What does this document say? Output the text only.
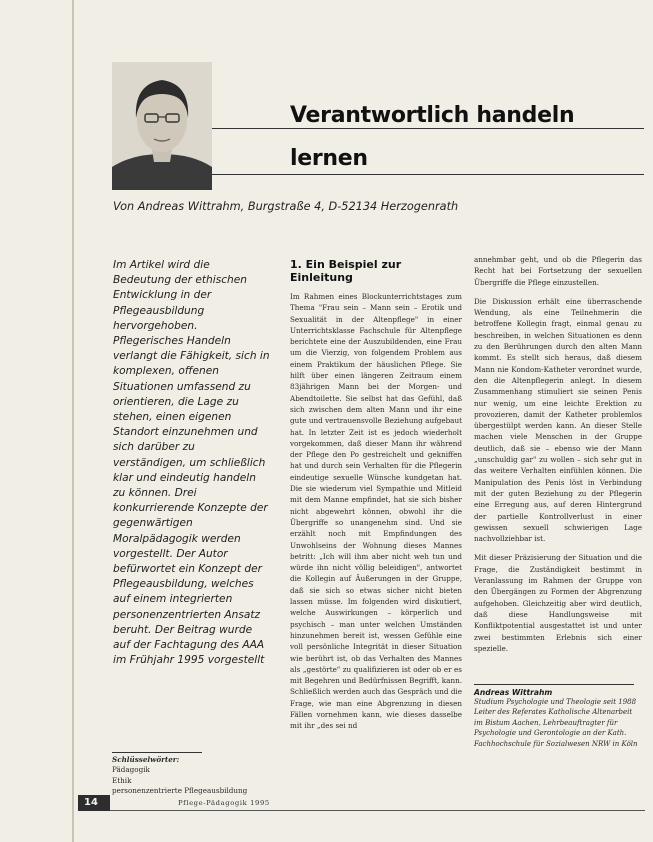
Verantwortlich handeln
lernen
Von Andreas Wittrahm, Burgstraße 4, D-52134 Herzogenrath
Im Artikel wird die Bedeutung der ethischen Entwicklung in der Pflegeausbildung hervorgehoben. Pflegerisches Handeln verlangt die Fähigkeit, sich in komplexen, offenen Situationen umfassend zu orientieren, die Lage zu stehen, einen eigenen Standort einzunehmen und sich darüber zu verständigen, um schließlich klar und eindeutig handeln zu können. Drei konkurrierende Konzepte der gegenwärtigen Moralpädagogik werden vorgestellt. Der Autor befürwortet ein Konzept der Pflegeausbildung, welches auf einem integrierten personenzentrierten Ansatz beruht. Der Beitrag wurde auf der Fachtagung des AAA im Frühjahr 1995 vorgestellt
1. Ein Beispiel zur Einleitung
Im Rahmen eines Blockunterrichtstages zum Thema "Frau sein – Mann sein – Erotik und Sexualität in der Altenpflege" in einer Unterrichtsklasse Fachschule für Altenpflege berichtete eine der Auszubildenden, eine Frau um die Vierzig, von folgendem Problem aus einem Praktikum der häuslichen Pflege. Sie hilft über einen längeren Zeitraum einem 83jährigen Mann bei der Morgen- und Abendtoilette. Sie selbst hat das Gefühl, daß sich zwischen dem alten Mann und ihr eine gute und vertrauensvolle Beziehung aufgebaut hat. In letzter Zeit ist es jedoch wiederholt vorgekommen, daß dieser Mann ihr während der Pflege den Po gestreichelt und gekniffen hat und durch sein Verhalten für die Pflegerin eindeutige sexuelle Wünsche kundgetan hat. Die sie wiederum viel Sympathie und Mitleid mit dem Manne empfindet, hat sie sich bisher nicht abgewehrt können, obwohl ihr die Übergriffe so unangenehm sind. Und sie erzählt noch mit Empfindungen des Unwohlseins der Wohnung dieses Mannes betritt: „Ich will ihm aber nicht weh tun und würde ihn nicht völlig beleidigen", antwortet die Kollegin auf Äußerungen in der Gruppe, daß sie sich so etwas sicher nicht bieten lassen müsse. Im folgenden wird diskutiert, welche Auswirkungen – körperlich und psychisch – man unter welchen Umständen hinzunehmen bereit ist, wessen Gefühle eine voll persönliche Integrität in dieser Situation wie berührt ist, ob das Verhalten des Mannes als „gestörte" zu qualifizieren ist oder ob er es mit Begehren und Bedürfnissen Begrifft, kann. Schließlich werden auch das Gespräch und die Frage, wie man eine Abgrenzung in diesen Fällen vornehmen kann, wie dieses dasselbe mit ihr „des sei nd

annehmbar geht, und ob die Pflegerin das Recht hat bei Fortsetzung der sexuellen Übergriffe die Pflege einzustellen.

Die Diskussion erhält eine überraschende Wendung, als eine Teilnehmerin die betroffene Kollegin fragt, einmal genau zu beschreiben, in welchen Situationen es denn zu den Berührungen durch den alten Mann kommt. Es stellt sich heraus, daß diesem Mann nie Kondom-Katheter verordnet wurde, den die Altenpflegerin anlegt. In diesem Zusammenhang stimuliert sie seinen Penis nur wenig, um eine leichte Erektion zu provozieren, damit der Katheter problemlos übergestülpt werden kann. An dieser Stelle machen viele Menschen in der Gruppe deutlich, daß sie – ebenso wie der Mann „unschuldig gar" zu wollen – sich sehr gut in das weitere Verhalten einfühlen können. Die Manipulation des Penis löst in Verbindung mit der guten Beziehung zu der Pflegerin eine Erregung aus, auf deren Hintergrund der partielle Kontrollverlust in einer gewissen sexuell schwierigen Lage nachvollziehbar ist.

Mit dieser Präzisierung der Situation und die Frage, die Zuständigkeit bestimmt in Veranlassung im Rahmen der Gruppe von den Übergängen zu Formen der Abgrenzung aufgehoben. Gleichzeitig aber wird deutlich, daß diese Handlungsweise mit Konfliktpotential ausgestattet ist und unter zwei bestimmten Erlebnis sich einer spezielle.

Andreas Wittrahm
Studium Psychologie und Theologie seit 1988 Leiter des Referates Katholische Altenarbeit im Bistum Aachen, Lehrbeauftragter für Psychologie und Gerontologie an der Kath. Fachhochschule für Sozialwesen NRW in Köln
Schlüsselwörter:
Pädagogik
Ethik
personenzentrierte Pflegeausbildung
14	Pflege-Pädagogik 1995
